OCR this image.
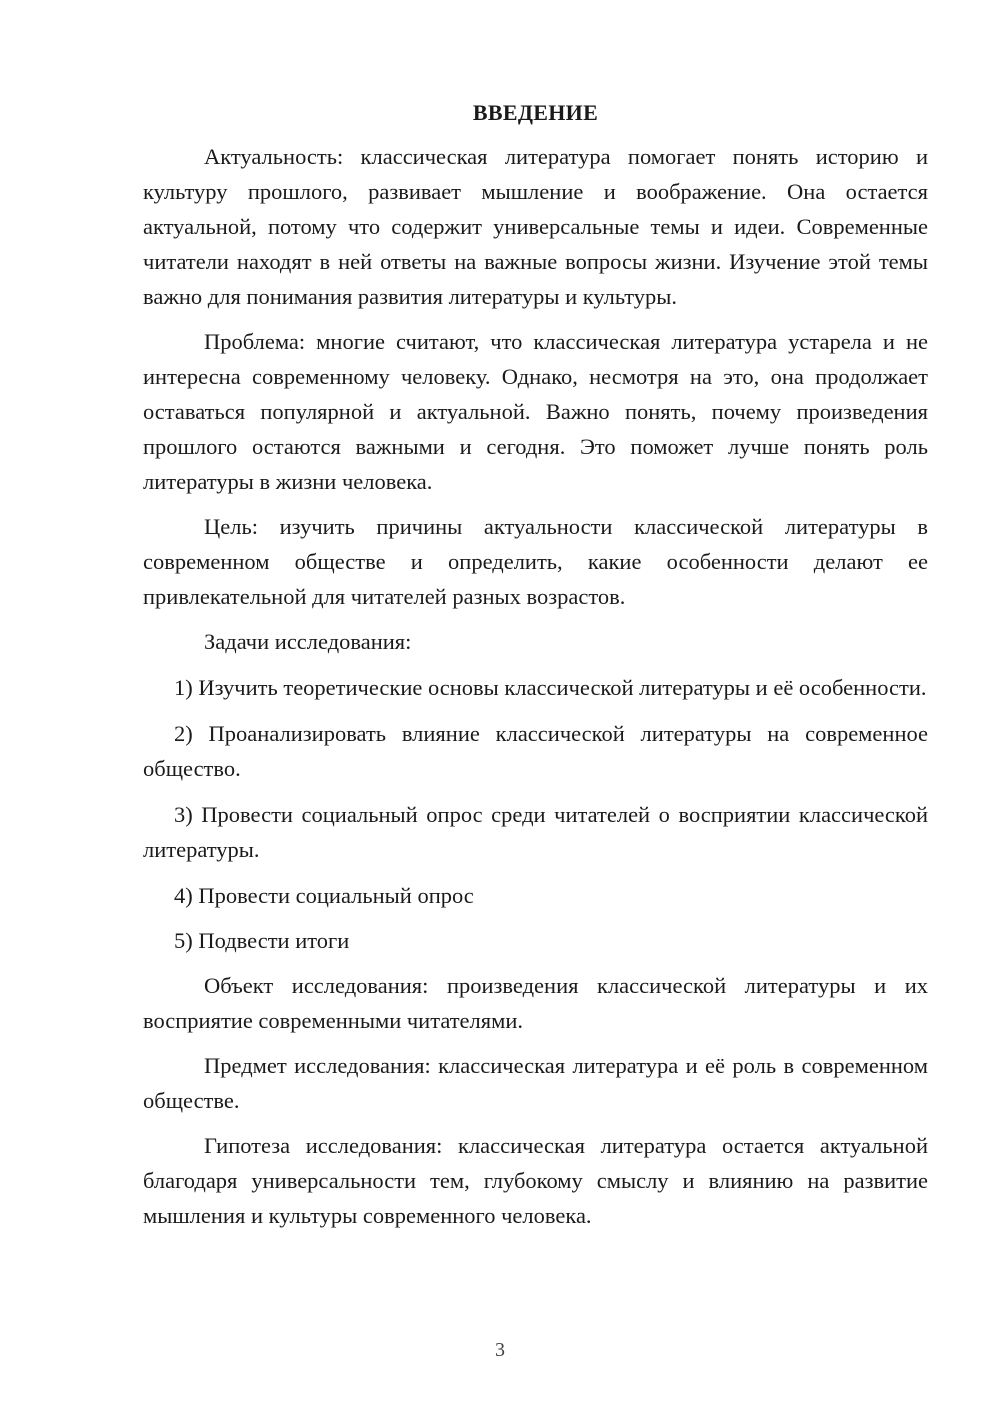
ВВЕДЕНИЕ

Актуальность: классическая литература помогает понять историю и культуру прошлого, развивает мышление и воображение. Она остается актуальной, потому что содержит универсальные темы и идеи. Современные читатели находят в ней ответы на важные вопросы жизни. Изучение этой темы важно для понимания развития литературы и культуры.

Проблема: многие считают, что классическая литература устарела и не интересна современному человеку. Однако, несмотря на это, она продолжает оставаться популярной и актуальной. Важно понять, почему произведения прошлого остаются важными и сегодня. Это поможет лучше понять роль литературы в жизни человека.

Цель: изучить причины актуальности классической литературы в современном обществе и определить, какие особенности делают ее привлекательной для читателей разных возрастов.

Задачи исследования:

1) Изучить теоретические основы классической литературы и её особенности.

2) Проанализировать влияние классической литературы на современное общество.

3) Провести социальный опрос среди читателей о восприятии классической литературы.

4) Провести социальный опрос

5) Подвести итоги

Объект исследования: произведения классической литературы и их восприятие современными читателями.

Предмет исследования: классическая литература и её роль в современном обществе.

Гипотеза исследования: классическая литература остается актуальной благодаря универсальности тем, глубокому смыслу и влиянию на развитие мышления и культуры современного человека.

3
